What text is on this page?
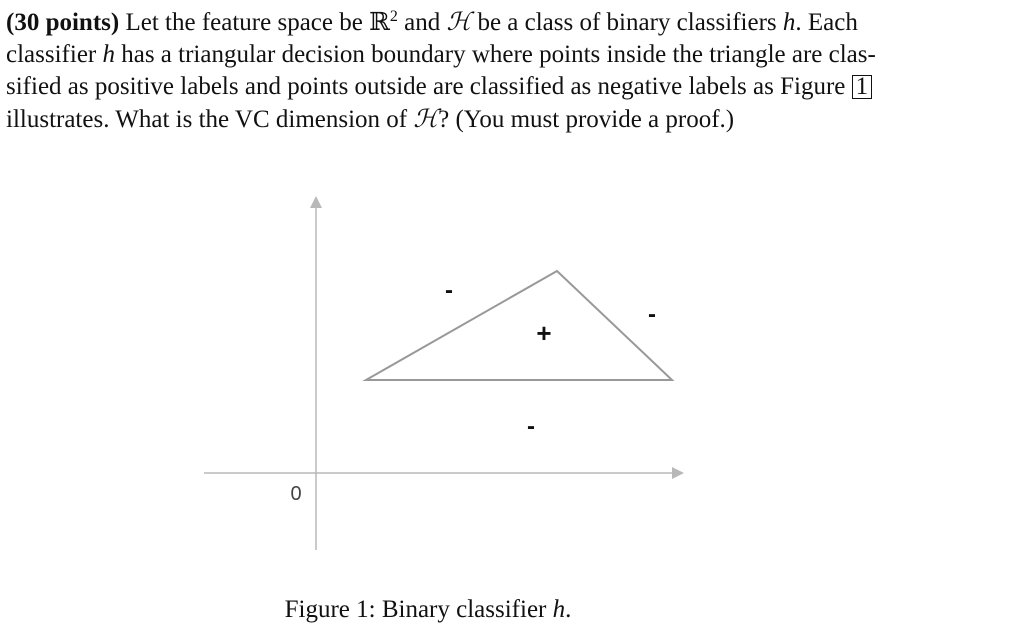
(30 points) Let the feature space be ℝ$^2$ and ℋ be a class of binary classifiers h. Each
classifier h has a triangular decision boundary where points inside the triangle are clas-
sified as positive labels and points outside are classified as negative labels as Figure 1
illustrates. What is the VC dimension of ℋ? (You must provide a proof.)
0
+
-
-
-
Figure 1: Binary classifier h.
